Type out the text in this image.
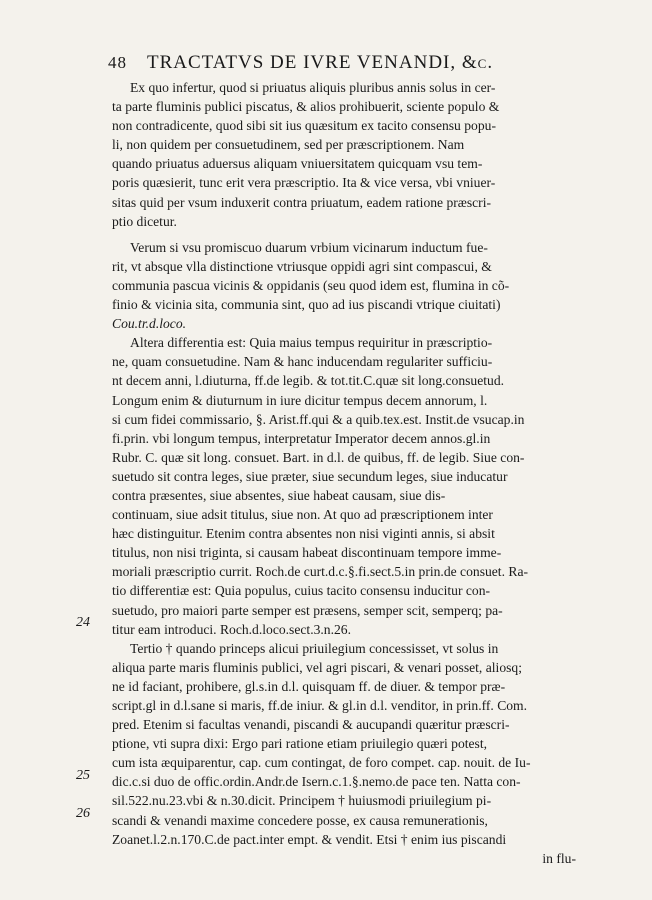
48 TRACTATVS DE IVRE VENANDI, &c.
Ex quo infertur, quod si priuatus aliquis pluribus annis solus in cer-
ta parte fluminis publici piscatus, & alios prohibuerit, sciente populo &
non contradicente, quod sibi sit ius quæsitum ex tacito consensu popu-
li, non quidem per consuetudinem, sed per præscriptionem. Nam
quando priuatus aduersus aliquam vniuersitatem quicquam vsu tem-
poris quæsierit, tunc erit vera præscriptio. Ita & vice versa, vbi vniuer-
sitas quid per vsum induxerit contra priuatum, eadem ratione præscri-
ptio dicetur.
Verum si vsu promiscuo duarum vrbium vicinarum inductum fue-
rit, vt absque vlla distinctione vtriusque oppidi agri sint compascui, &
communia pascua vicinis & oppidanis (seu quod idem est, flumina in cõ-
finio & vicinia sita, communia sint, quo ad ius piscandi vtrique ciuitati)
Cou.tr.d.loco.
Altera differentia est: Quia maius tempus requiritur in præscriptio-
ne, quam consuetudine. Nam & hanc inducendam regulariter sufficiu-
nt decem anni, l.diuturna, ff.de legib. & tot.tit.C.quæ sit long.consuetud.
Longum enim & diuturnum in iure dicitur tempus decem annorum, l.
si cum fidei commissario, §. Arist.ff.qui & a quib.tex.est. Instit.de vsucap.in
fi.prin. vbi longum tempus, interpretatur Imperator decem annos.gl.in
Rubr. C. quæ sit long. consuet. Bart. in d.l. de quibus, ff. de legib. Siue con-
suetudo sit contra leges, siue præter, siue secundum leges, siue inducatur
contra præsentes, siue absentes, siue habeat causam, siue dis-
continuam, siue adsit titulus, siue non. At quo ad præscriptionem inter
hæc distinguitur. Etenim contra absentes non nisi viginti annis, si absit
titulus, non nisi triginta, si causam habeat discontinuam tempore imme-
moriali præscriptio currit. Roch.de curt.d.c.§.fi.sect.5.in prin.de consuet. Ra-
tio differentiæ est: Quia populus, cuius tacito consensu inducitur con-
suetudo, pro maiori parte semper est præsens, semper scit, semperq; pa-
titur eam introduci. Roch.d.loco.sect.3.n.26.
Tertio † quando princeps alicui priuilegium concessisset, vt solus in
aliqua parte maris fluminis publici, vel agri piscari, & venari posset, aliosq;
ne id faciant, prohibere, gl.s.in d.l. quisquam ff. de diuer. & tempor præ-
script.gl in d.l.sane si maris, ff.de iniur. & gl.in d.l. venditor, in prin.ff. Com.
pred. Etenim si facultas venandi, piscandi & aucupandi quæritur præscri-
ptione, vti supra dixi: Ergo pari ratione etiam priuilegio quæri potest,
cum ista æquiparentur, cap. cum contingat, de foro compet. cap. nouit. de Iu-
dic.c.si duo de offic.ordin.Andr.de Isern.c.1.§.nemo.de pace ten. Natta con-
sil.522.nu.23.vbi & n.30.dicit. Principem † huiusmodi priuilegium pi-
scandi & venandi maxime concedere posse, ex causa remunerationis,
Zoanet.l.2.n.170.C.de pact.inter empt. & vendit. Etsi † enim ius piscandi
in flu-
24
25
26
